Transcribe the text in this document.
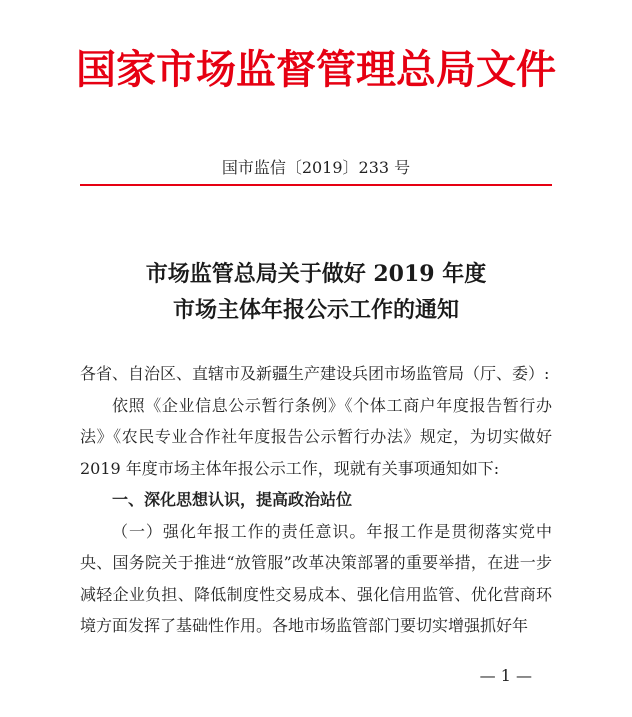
国家市场监督管理总局文件
国市监信〔2019〕233 号
市场监管总局关于做好 2019 年度
市场主体年报公示工作的通知

各省、自治区、直辖市及新疆生产建设兵团市场监管局（厅、委）:

依照《企业信息公示暂行条例》《个体工商户年度报告暂行办法》《农民专业合作社年度报告公示暂行办法》规定，为切实做好 2019 年度市场主体年报公示工作，现就有关事项通知如下:

一、深化思想认识，提高政治站位

（一）强化年报工作的责任意识。年报工作是贯彻落实党中央、国务院关于推进“放管服”改革决策部署的重要举措，在进一步减轻企业负担、降低制度性交易成本、强化信用监管、优化营商环境方面发挥了基础性作用。各地市场监管部门要切实增强抓好年

— 1 —
